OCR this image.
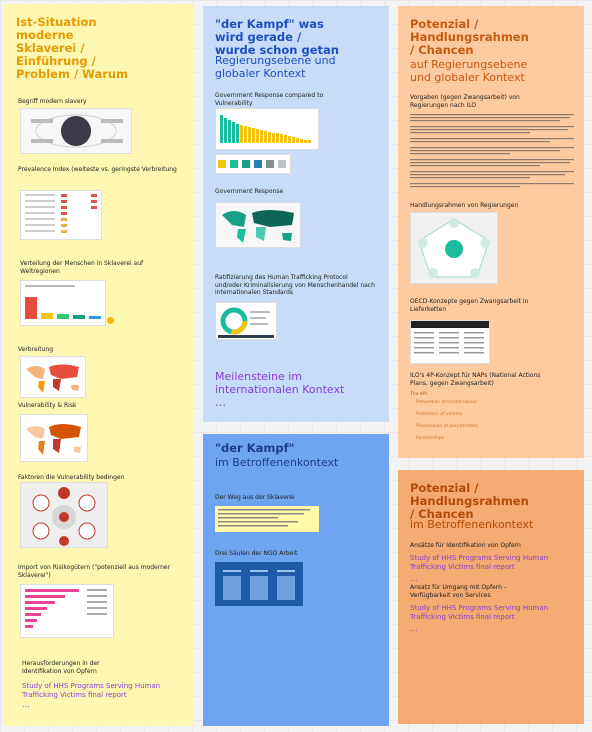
Ist-Situation moderne Sklaverei / Einführung / Problem / Warum

Begriff modern slavery
Prevalence Index (weiteste vs. geringste Verbreitung
Verteilung der Menschen in Sklaverei auf Weltregionen
Verbreitung
Vulnerability & Risk
Faktoren die Vulnerability bedingen
Import von Risikogütern ("potenziell aus moderner Sklaverei")
Herausforderungen in der Identifikation von Opfern
Study of HHS Programs Serving Human Trafficking Victims final report
…

"der Kampf" was wird gerade / wurde schon getan

Regierungsebene und globaler Kontext

Government Response compared to Vulnerability
Government Response
Ratifizierung des Human Trafficking Protocol und/oder Kriminalisierung von Menschenhandel nach internationalen Standards
Meilensteine im internationalen Kontext
…

"der Kampf"

im Betroffenenkontext

Der Weg aus der Sklaverei
Drei Säulen der NGO Arbeit

Potenzial / Handlungsrahmen / Chancen

auf Regierungsebene und globaler Kontext

Vorgaben (gegen Zwangsarbeit) von Regierungen nach ILO
Handlungsrahmen von Regierungen
OECD-Konzepte gegen Zwangsarbeit in Lieferketten
ILO's 4P-Konzept für NAPs (National Actions Plans, gegen Zwangsarbeit)
The 4Ps
Prevention of forced labour
Protection of victims
Prosecution of perpetrators
Partnerships

Potenzial / Handlungsrahmen / Chancen

im Betroffenenkontext

Ansätze für Identifikation von Opfern
Study of HHS Programs Serving Human Trafficking Victims final report
…
Ansatz für Umgang mit Opfern - Verfügbarkeit von Services
Study of HHS Programs Serving Human Trafficking Victims final report
…
